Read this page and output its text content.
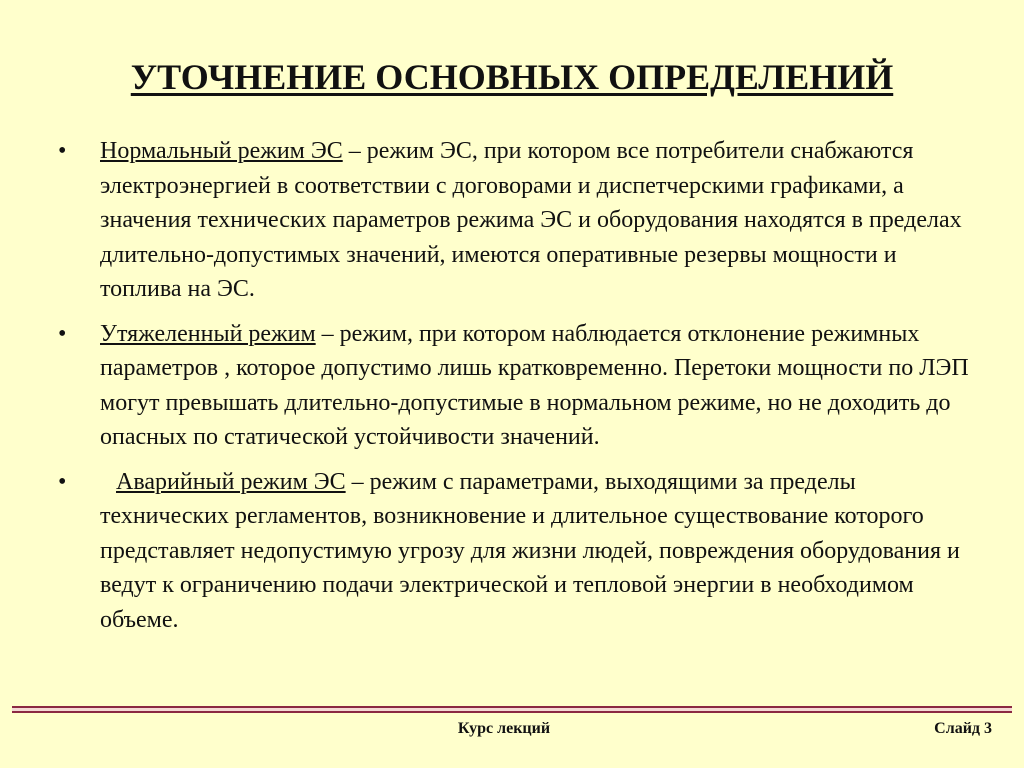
УТОЧНЕНИЕ ОСНОВНЫХ ОПРЕДЕЛЕНИЙ
• Нормальный режим ЭС – режим ЭС, при котором все потребители снабжаются электроэнергией в соответствии с договорами и диспетчерскими графиками, а значения технических параметров режима ЭС и оборудования находятся в пределах длительно-допустимых значений, имеются оперативные резервы мощности и топлива на ЭС.
• Утяжеленный режим – режим, при котором наблюдается отклонение режимных параметров , которое допустимо лишь кратковременно. Перетоки мощности по ЛЭП могут превышать длительно-допустимые в нормальном режиме, но не доходить до опасных по статической устойчивости значений.
• Аварийный режим ЭС – режим с параметрами, выходящими за пределы технических регламентов, возникновение и длительное существование которого представляет недопустимую угрозу для жизни людей, повреждения оборудования и ведут к ограничению подачи электрической и тепловой энергии в необходимом объеме.
Курс лекций	Слайд 3
